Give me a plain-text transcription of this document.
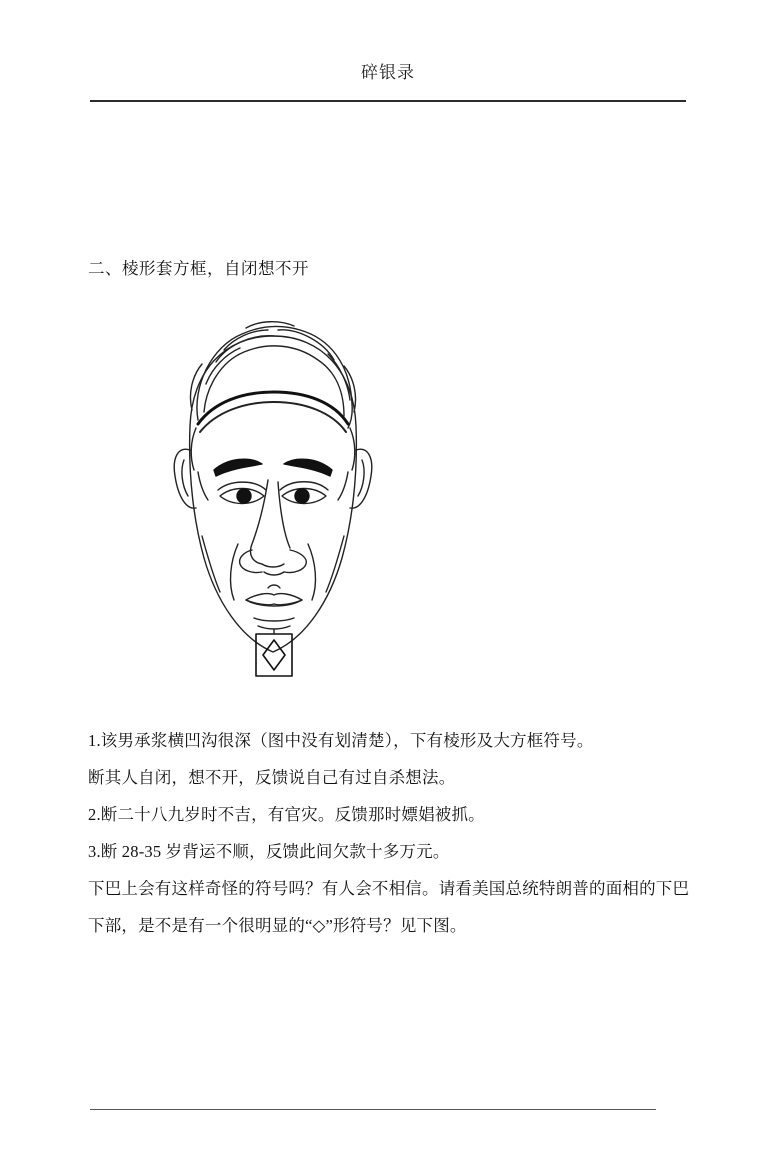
碎银录
二、棱形套方框，自闭想不开
1.该男承浆横凹沟很深（图中没有划清楚），下有棱形及大方框符号。
断其人自闭，想不开，反馈说自己有过自杀想法。
2.断二十八九岁时不吉，有官灾。反馈那时嫖娼被抓。
3.断 28-35 岁背运不顺，反馈此间欠款十多万元。
下巴上会有这样奇怪的符号吗？有人会不相信。请看美国总统特朗普的面相的下巴下部，是不是有一个很明显的“◇”形符号？见下图。
